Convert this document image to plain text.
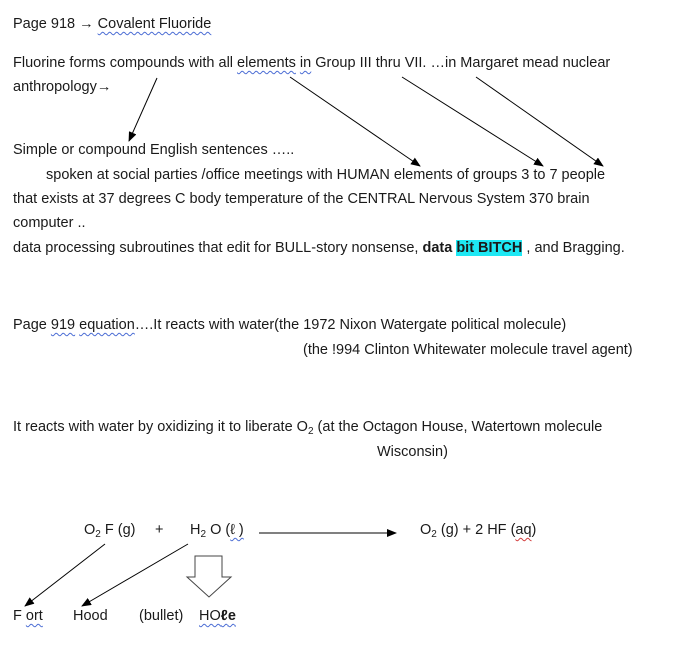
Page 918 → Covalent Fluoride
Fluorine forms compounds with all elements in Group III thru VII. …in Margaret mead nuclear
anthropology→
Simple or compound English sentences …..
spoken at social parties /office meetings with HUMAN elements of groups 3 to 7 people
that exists at 37 degrees C body temperature of the CENTRAL Nervous System 370 brain
computer ..
data processing subroutines that edit for BULL-story nonsense, data bit BITCH , and Bragging.
Page 919 equation….It reacts with water(the 1972 Nixon Watergate political molecule)
(the !994 Clinton Whitewater molecule travel agent)
It reacts with water by oxidizing it to liberate $O_2$ (at the Octagon House, Watertown molecule
Wisconsin)
$O_2$ F $(g) + H_2$ O (ℓ )	$O_2$ (g) + 2 HF (aq)
F ort Hood (bullet) HOℓe
